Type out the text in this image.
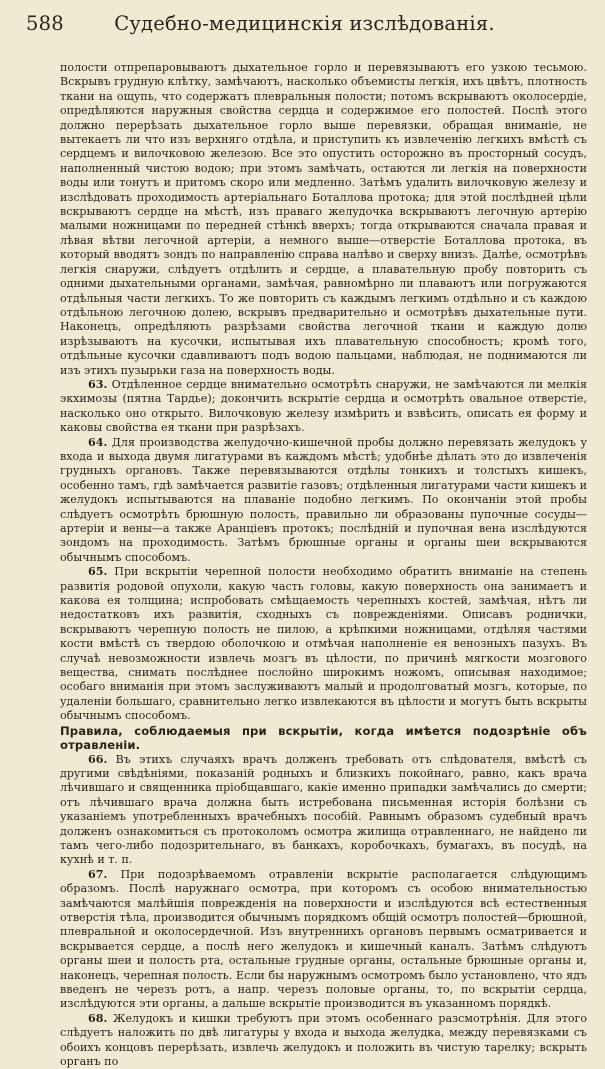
588	Судебно-медицинскія изслѣдованія.

полости отпрепаровываютъ дыхательное горло и перевязываютъ его узкою тесьмою. Вскрывъ грудную клѣтку, замѣчаютъ, насколько объемисты легкія, ихъ цвѣтъ, плотность ткани на ощупь, что содержатъ плевральныя полости; потомъ вскрываютъ околосердіе, опредѣляются наружныя свойства сердца и содержимое его полостей. Послѣ этого должно перерѣзать дыхательное горло выше перевязки, обращая вниманіе, не вытекаетъ ли что изъ верхняго отдѣла, и приступить къ извлеченію легкихъ вмѣстѣ съ сердцемъ и вилочковою железою. Все это опустить осторожно въ просторный сосудъ, наполненный чистою водою; при этомъ замѣчать, остаются ли легкія на поверхности воды или тонутъ и притомъ скоро или медленно. Затѣмъ удалить вилочковую железу и изслѣдовать проходимость артеріальнаго Боталлова протока; для этой послѣдней цѣли вскрываютъ сердце на мѣстѣ, изъ праваго желудочка вскрываютъ легочную артерію малыми ножницами по передней стѣнкѣ вверхъ; тогда открываются сначала правая и лѣвая вѣтви легочной артеріи, а немного выше—отверстіе Боталлова протока, въ который вводятъ зондъ по направленію справа налѣво и сверху внизъ. Далѣе, осмотрѣвъ легкія снаружи, слѣдуетъ отдѣлить и сердце, а плавательную пробу повторить съ одними дыхательными органами, замѣчая, равномѣрно ли плаваютъ или погружаются отдѣльныя части легкихъ. То же повторить съ каждымъ легкимъ отдѣльно и съ каждою отдѣльною легочною долею, вскрывъ предварительно и осмотрѣвъ дыхательные пути. Наконецъ, опредѣляють разрѣзами свойства легочной ткани и каждую долю изрѣзываютъ на кусочки, испытывая ихъ плавательную способность; кромѣ того, отдѣльные кусочки сдавливаютъ подъ водою пальцами, наблюдая, не поднимаются ли изъ этихъ пузырьки газа на поверхность воды.

63. Отдѣленное сердце внимательно осмотрѣть снаружи, не замѣчаются ли мелкія экхимозы (пятна Тардье); докончить вскрытіе сердца и осмотрѣть овальное отверстіе, насколько оно открыто. Вилочковую железу измѣрить и взвѣсить, описать ея форму и каковы свойства ея ткани при разрѣзахъ.

64. Для производства желудочно-кишечной пробы должно перевязать желудокъ у входа и выхода двумя лигатурами въ каждомъ мѣстѣ; удобнѣе дѣлать это до извлеченія грудныхъ органовъ. Также перевязываются отдѣлы тонкихъ и толстыхъ кишекъ, особенно тамъ, гдѣ замѣчается развитіе газовъ; отдѣленныя лигатурами части кишекъ и желудокъ испытываются на плаваніе подобно легкимъ. По окончаніи этой пробы слѣдуетъ осмотрѣть брюшную полость, правильно ли образованы пупочные сосуды—артеріи и вены—а также Аранціевъ протокъ; послѣдній и пупочная вена изслѣдуются зондомъ на проходимость. Затѣмъ брюшные органы и органы шеи вскрываются обычнымъ способомъ.

65. При вскрытіи черепной полости необходимо обратить вниманіе на степень развитія родовой опухоли, какую часть головы, какую поверхность она занимаетъ и какова ея толщина; испробовать смѣщаемость черепныхъ костей, замѣчая, нѣтъ ли недостатковъ ихъ развитія, сходныхъ съ поврежденіями. Описавъ роднички, вскрываютъ черепную полость не пилою, а крѣпкими ножницами, отдѣляя частями кости вмѣстѣ съ твердою оболочкою и отмѣчая наполненіе ея венозныхъ пазухъ. Въ случаѣ невозможности извлечь мозгъ въ цѣлости, по причинѣ мягкости мозгового вещества, снимать послѣднее послойно широкимъ ножомъ, описывая находимое; особаго вниманія при этомъ заслуживаютъ малый и продолговатый мозгъ, которые, по удаленіи большаго, сравнительно легко извлекаются въ цѣлости и могутъ быть вскрыты обычнымъ способомъ.

Правила, соблюдаемыя при вскрытіи, когда имѣется подозрѣніе объ отравленіи.

66. Въ этихъ случаяхъ врачъ долженъ требовать отъ слѣдователя, вмѣстѣ съ другими свѣдѣніями, показаній родныхъ и близкихъ покойнаго, равно, какъ врача лѣчившаго и священника пріобщавшаго, какіе именно припадки замѣчались до смерти; отъ лѣчившаго врача должна быть истребована письменная исторія болѣзни съ указаніемъ употребленныхъ врачебныхъ пособій. Равнымъ образомъ судебный врачъ долженъ ознакомиться съ протоколомъ осмотра жилища отравленнаго, не найдено ли тамъ чего-либо подозрительнаго, въ банкахъ, коробочкахъ, бумагахъ, въ посудѣ, на кухнѣ и т. п.

67. При подозрѣваемомъ отравленіи вскрытіе располагается слѣдующимъ образомъ. Послѣ наружнаго осмотра, при которомъ съ особою внимательностью замѣчаются малѣйшія поврежденія на поверхности и изслѣдуются всѣ естественныя отверстія тѣла, производится обычнымъ порядкомъ общій осмотръ полостей—брюшной, плевральной и околосердечной. Изъ внутреннихъ органовъ первымъ осматривается и вскрывается сердце, а послѣ него желудокъ и кишечный каналъ. Затѣмъ слѣдуютъ органы шеи и полость рта, остальные грудные органы, остальные брюшные органы и, наконецъ, черепная полость. Если бы наружнымъ осмотромъ было установлено, что ядъ введенъ не черезъ ротъ, а напр. черезъ половые органы, то, по вскрытіи сердца, изслѣдуются эти органы, а дальше вскрытіе производится въ указанномъ порядкѣ.

68. Желудокъ и кишки требуютъ при этомъ особеннаго разсмотрѣнія. Для этого слѣдуетъ наложить по двѣ лигатуры у входа и выхода желудка, между перевязками съ обоихъ концовъ перерѣзать, извлечь желудокъ и положить въ чистую тарелку; вскрыть органъ по
